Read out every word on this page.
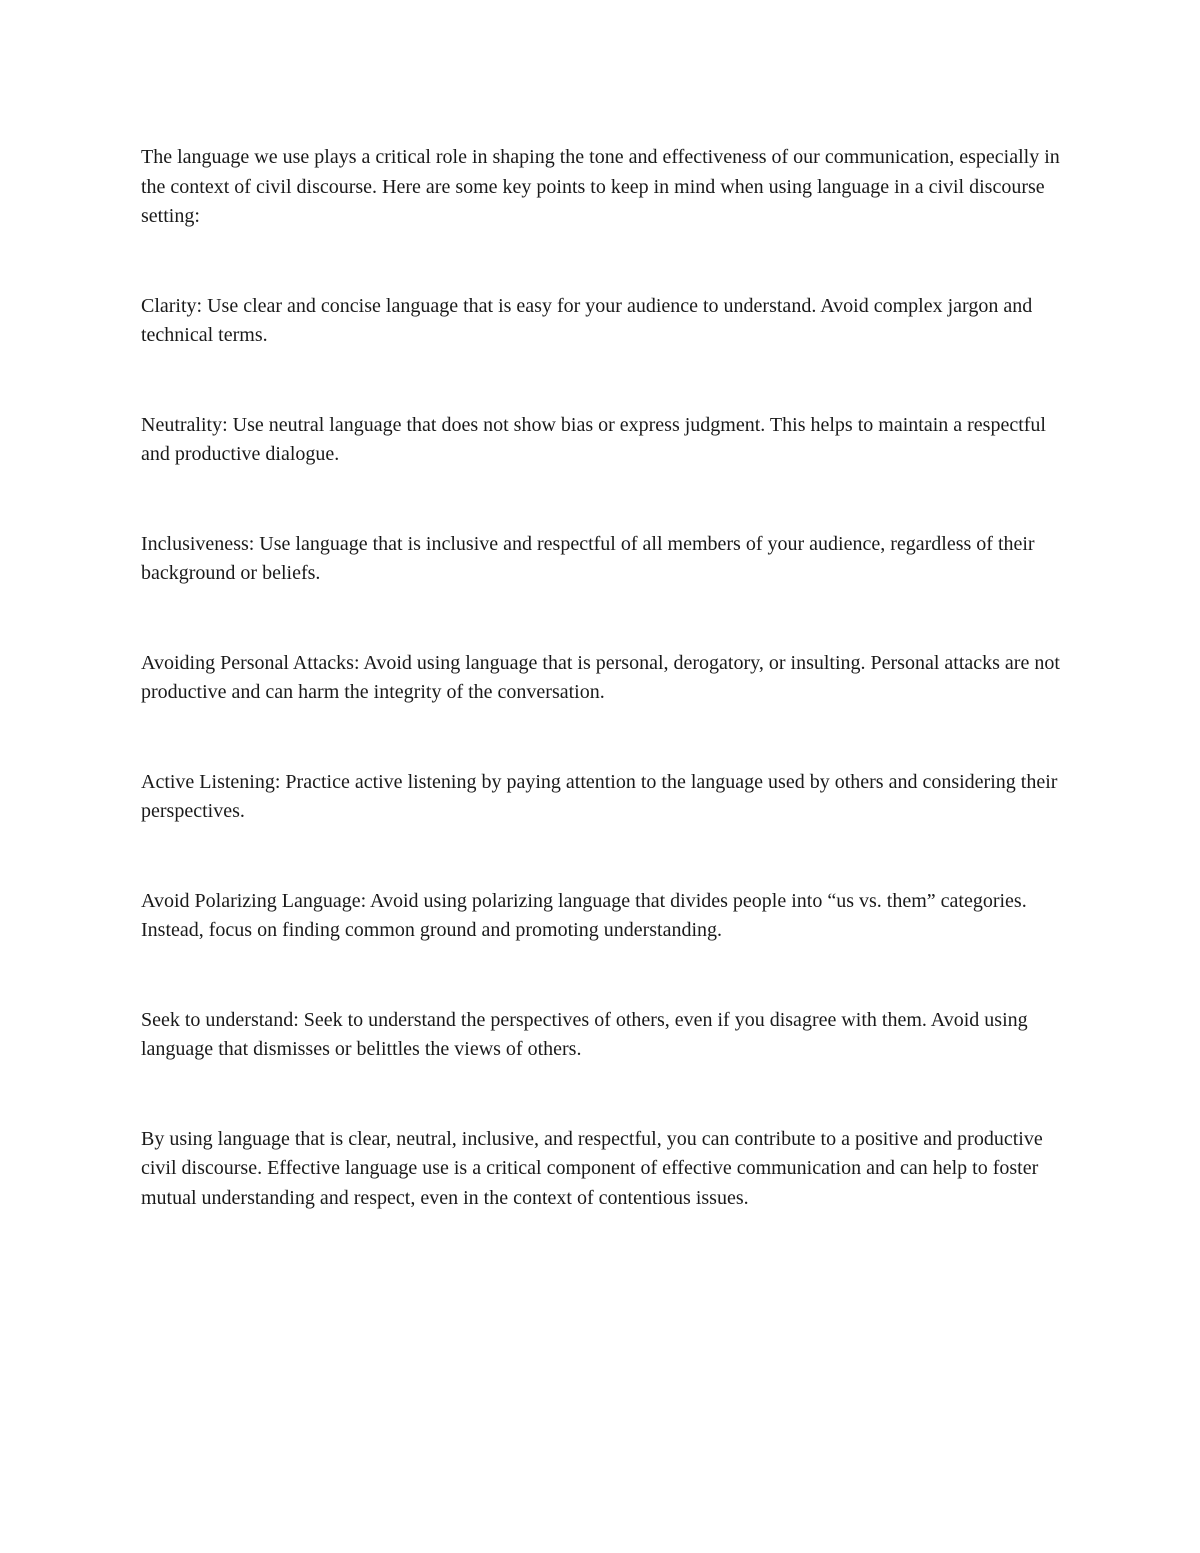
The language we use plays a critical role in shaping the tone and effectiveness of our communication, especially in the context of civil discourse. Here are some key points to keep in mind when using language in a civil discourse setting:

Clarity: Use clear and concise language that is easy for your audience to understand. Avoid complex jargon and technical terms.

Neutrality: Use neutral language that does not show bias or express judgment. This helps to maintain a respectful and productive dialogue.

Inclusiveness: Use language that is inclusive and respectful of all members of your audience, regardless of their background or beliefs.

Avoiding Personal Attacks: Avoid using language that is personal, derogatory, or insulting. Personal attacks are not productive and can harm the integrity of the conversation.

Active Listening: Practice active listening by paying attention to the language used by others and considering their perspectives.

Avoid Polarizing Language: Avoid using polarizing language that divides people into “us vs. them” categories. Instead, focus on finding common ground and promoting understanding.

Seek to understand: Seek to understand the perspectives of others, even if you disagree with them. Avoid using language that dismisses or belittles the views of others.

By using language that is clear, neutral, inclusive, and respectful, you can contribute to a positive and productive civil discourse. Effective language use is a critical component of effective communication and can help to foster mutual understanding and respect, even in the context of contentious issues.
